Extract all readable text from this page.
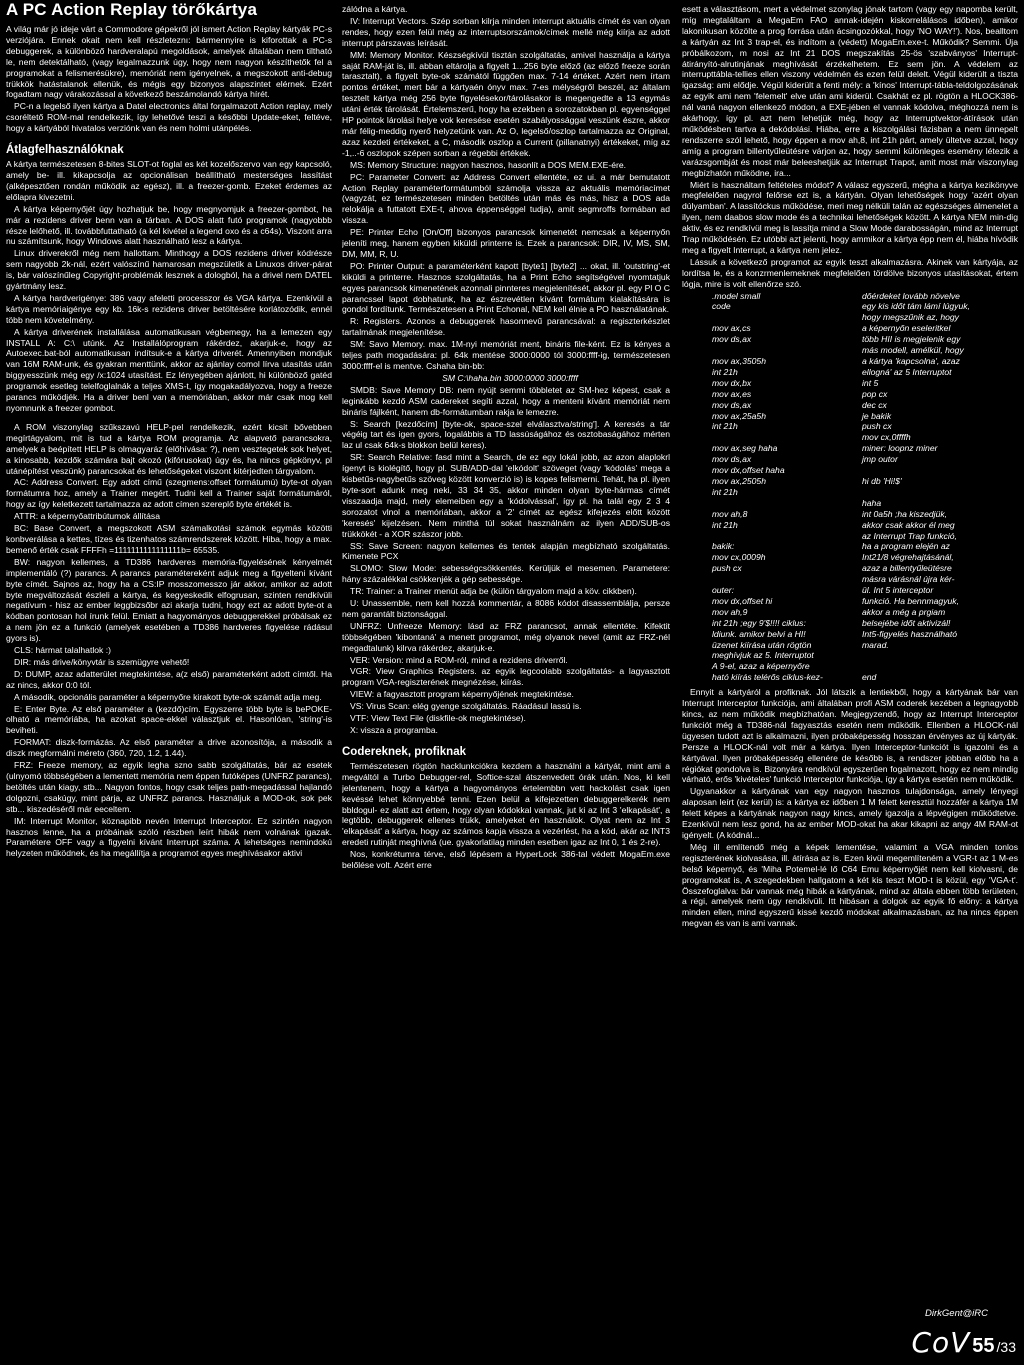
A PC Action Replay törőkártya

A világ már jó ideje várt a Commodore gépekről jól ismert Action Replay kártyák PC-s verziójára. Ennek okait nem kell részleteznı: bármennyire is kiforottak a PC-s debuggerek, a különböző hardveralapú megoldások, amelyek általában nem tiltható le, nem detektálható, (vagy legalmazzunk úgy, hogy nem nagyon készíthetők fel a programokat a felismerésükre), memóriát nem igényelnek, a megszokott anti-debug trükkök hatástalanok ellenük, és mégis egy bizonyos alapszintet elérnek. Ezért fogadtam nagy várakozással a következő beszámolandó kártya hírét.

PC-n a legelső ilyen kártya a Datel electronics által forgalmazott Action replay, mely csoréltető ROM-mal rendelkezik, így lehetővé teszi a későbbi Update-eket, feltéve, hogy a kártyából hivatalos verziónk van és nem holmi utánpélés.

Átlagfelhasználóknak

A kártya természetesen 8-bites SLOT-ot foglal es két kozelőszervo van egy kapcsoló, amely be- ill. kikapcsolja az opcionálisan beállítható mesterséges lassítást (alképesztően rondán működik az egész), ill. a freezer-gomb. Ezeket érdemes az előlapra kivezetni.

A kártya képernyőjét úgy hozhatjuk be, hogy megnyomjuk a freezer-gombot, ha már a rezidens driver benn van a tárban. A DOS alatt futó programok (nagyobbb része lelőhető, ill. továbbfuttatható (a kél kivétel a legend oxo és a c64s). Viszont arra nu számítsunk, hogy Windows alatt használható lesz a kártya.

Linux driverekről még nem hallottam. Minthogy a DOS rezidens driver kódrésze sem nagyobb 2k-nál, ezért valószínű hamarosan megszületik a Linuxos driver-párat is, bár valószínűleg Copyright-problémák lesznek a dologból, ha a drivel nem DATEL gyártmány lesz.

A kártya hardverigénye: 386 vagy afeletti processzor és VGA kártya. Ezenkívül a kártya memóriaigénye egy kb. 16k-s rezidens driver betöltésére korlátozódik, ennél több nem követelmény.

A kártya driverének installálása automatikusan végbemegy, ha a lemezen egy INSTALL A: C:\ utúnk. Az Installálóprogram rákérdez, akarjuk-e, hogy az Autoexec.bat-ból automatikusan indítsuk-e a kártya driverét. Amennyiben mondjuk van 16M RAM-unk, és gyakran menttünk, akkor az ajánlay comol lírva utasítás után biggyesszünk még egy /x:1024 utasítást. Ez lényegében ajánlott, hi különböző gatéd programok esetleg telelfoglalnák a teljes XMS-t, így mogakadályozva, hogy a freeze parancs működjék. Ha a driver benl van a memóriában, akkor már csak mog kell nyomnunk a freezer gombot.

A ROM viszonylag szűkszavú HELP-pel rendelkezik, ezért kicsit bővebben megírtágyalom, mit is tud a kártya ROM programja. Az alapvető parancsokra, amelyek a beépített HELP is olmagyaráz (előhívása: ?), nem vesztegetek sok helyet, a kinosabb, kezdők számára bajt okozó (kifórusokat) úgy és, ha nincs gépkönyv, pl utánépítést veszünk) parancsokat és lehetőségeket viszont kitérjedten tárgyalom.

AC: Address Convert. Egy adott című (szegmens:offset formátumú) byte-ot olyan formátumra hoz, amely a Trainer megért. Tudni kell a Trainer saját formátumáról, hogy az így keletkezett tartalmazza az adott címen szereplő byte értékét is.

ATTR: a képernyőattribútumok állítása

BC: Base Convert, a megszokott ASM számalkotási számok egymás közötti konbverálása a kettes, tízes és tizenhatos számrendszerek között. Hiba, hogy a max. bemenő érték csak FFFFh =1111111111111111b= 65535.

BW: nagyon kellemes, a TD386 hardveres memória-figyelésének kényelmét implementáló (?) parancs. A parancs paramétereként adjuk meg a figyelteni kívánt byte címét. Sajnos az, hogy ha a CS:IP mosszomesszo jár akkor, amikor az adott byte megváltozását észleli a kártya, és kegyeskedik elfogrusan, szinten rendkívüli negatívum - hisz az ember leggbizsőbr azi akarja tudni, hogy ezt az adott byte-ot a kódban pontosan hol írunk felül. Emiatt a hagyományos debuggerekkel próbálsak ez a nem jön ez a funkció (amelyek esetében a TD386 hardveres figyelése rádásul gyors is).

CLS: hármat talalhatlok :)

DIR: más drive/könyvtár is szemügyre vehető!

D: DUMP, azaz adatterület megtekintése, a(z első) paraméterként adott címtől. Ha az nincs, akkor 0:0 tól.

A második, opcionális paraméter a képernyőre kirakott byte-ok számát adja meg.

E: Enter Byte. Az első paraméter a (kezdő)cím. Egyszerre több byte is bePOKE-olható a memóriába, ha azokat space-ekkel választjuk el. Hasonlóan, 'string'-is beviheti.

FORMAT: diszk-formázás. Az első paraméter a drive azonosítója, a második a diszk megformálni méreto (360, 720, 1.2, 1.44).

FRZ: Freeze memory, az egyik legha szno sabb szolgáltatás, bár az esetek (ulnyomó többségében a lementett memória nem éppen futóképes (UNFRZ parancs), betöltés után kiagy, stb... Nagyon fontos, hogy csak teljes path-megadással hajlandó dolgozni, csakúgy, mint párja, az UNFRZ parancs. Használjuk a MOD-ok, sok pek stb... kiszedéséről már eeceltem.

IM: Interrupt Monitor, köznapibb nevén Interrupt Interceptor. Ez szintén nagyon hasznos lenne, ha a próbáinak szóló részben leírt hibák nem volnának igazak. Paramétere OFF vagy a figyelni kívánt Interrupt száma. A lehetséges nemindokú helyzeten működnek, és ha megállítja a programot egyes meghívásakor aktivi

zálódna a kártya.

IV: Interrupt Vectors. Szép sorban kilrja minden interrupt aktuális címét és van olyan rendes, hogy ezen felül még az interruptsorszámok/címek mellé még kiírja az adott interrupt párszavas leírását.

MM: Memory Monitor. Készségkívül tisztán szolgáltatás, amivel használja a kártya saját RAM-ját is, ill. abban eltárolja a figyelt 1...256 byte előző (az előző freeze során tarasztalt), a figyelt byte-ok számától függően max. 7-14 értéket. Azért nem írtam pontos értéket, mert bár a kártyaén ónyv max. 7-es mélységről beszél, az általam tesztelt kártya még 256 byte figyelésekor/tárolásakor is megengedte a 13 egymás utáni érték tárolását. Értelemszerű, hogy ha ezekben a sorozatokban pl. egyenséggel HP pointok lárolási helye vok keresése esetén szabályossággal veszünk észre, akkor már félig-meddig nyerő helyzetünk van. Az O, legelső/oszlop tartalmazza az Original, azaz kezdeti értékeket, a C, második oszlop a Current (pillanatnyi) értékeket, míg az -1,..-6 oszlopok szépen sorban a régebbi értékek.

MS: Memory Structure: nagyon hasznos, hasonlít a DOS MEM.EXE-ére.

PC: Parameter Convert: az Address Convert ellentéte, ez ui. a már bemutatott Action Replay paraméterformátumból számolja vissza az aktuális memóriacímet (vagyzát, ez természetesen minden betöltés után más és más, hisz a DOS ada relokálja a futtatott EXE-t, ahova éppenséggel tudja), amit segmroffs formában ad vissza.

PE: Printer Echo [On/Off] bizonyos parancsok kimenetét nemcsak a képernyőn jeleníti meg, hanem egyben kiküldi printerre is. Ezek a parancsok: DIR, IV, MS, SM, DM, MM, R, U.

PO: Printer Output: a paraméterként kapott [byte1] [byte2] ... okat, ill. 'outstring'-et kiküldi a printerre. Hasznos szolgáltatás, ha a Print Echo segítségével nyomtatjuk egyes parancsok kimenetének azonnali pinnteres megjelenítését, akkor pl. egy Pl O C parancssel lapot dobhatunk, ha az észrevétlen kívánt formátum kialakítására is gondol fordítunk. Természetesen a Print Echonal, NEM kell élnie a PO használatának.

R: Registers. Azonos a debuggerek hasonnevű parancsával: a regiszterkészlet tartalmának megjelenítése.

SM: Savo Memory. max. 1M-nyi memóriát ment, bináris file-ként. Ez is kényes a teljes path mogadására: pl. 64k mentése 3000:0000 tól 3000:ffff-ig, természetesen 3000:ffff-el is mentve. Cshaha bin-bb:

SM C:\haha.bin 3000:0000 3000:ffff

SMDB: Save Memory DB: nem nyújt semmi többletet az SM-hez képest, csak a leginkább kezdő ASM cadereket segíti azzal, hogy a menteni kívánt memóriát nem bináris fájlként, hanem db-formátumban rakja le lemezre.

S: Search [kezdőcím] [byte-ok, space-szel elválasztva/string']. A keresés a tár végéig tart és igen gyors, logalábbis a TD lassúságához és osztobaságához mérten laz ul csak 64k-s blokkon belül keres).

SR: Search Relative: fasd mint a Search, de ez egy lokál jobb, az azon alaplokrl ígenyt is kiolégítő, hogy pl. SUB/ADD-dal 'elkódolt' szöveget (vagy 'kódolás' mega a kisbetűs-nagybetűs szöveg között konverzió is) is kopes felismerni. Tehát, ha pl. ilyen byte-sort adunk meg neki, 33 34 35, akkor minden olyan byte-hármas címét visszaadja majd, mely elemeiben egy a 'kódolvással', így pl. ha talál egy 2 3 4 sorozatot vlnol a memóriában, akkor a '2' címét az egész kifejezés előtt között 'keresés' kijelzésen. Nem minthá túl sokat használnám az ilyen ADD/SUB-os trükkökét - a XOR szászor jobb.

SS: Save Screen: nagyon kellemes és tentek alapján megbízható szolgáltatás. Kimenete PCX

SLOMO: Slow Mode: sebességcsökkentés. Kerüljük el mesemen. Parametere: hány százalékkal csökkenjék a gép sebessége.

TR: Trainer: a Trainer menüt adja be (külön tárgyalom majd a köv. cikkben).

U: Unassemble, nem kell hozzá kommentár, a 8086 kódot disassemblálja, persze nem garantált biztonsággal.

UNFRZ: Unfreeze Memory: lásd az FRZ parancsot, annak ellentéte. Kifektit többségében 'kibontaná' a menett programot, még olyanok nevel (amit az FRZ-nél megadtalunk) kilrva rákérdez, akarjuk-e.

VER: Version: mind a ROM-ról, mind a rezidens driverről.

VGR: View Graphics Registers. az egyik legcoolabb szolgáltatás- a lagyasztott program VGA-regiszterének megnézése, kiírás.

VIEW: a fagyasztott program képernyőjének megtekintése.

VS: Virus Scan: elég gyenge szolgáltatás. Ráadásul lassú is.

VTF: View Text File (diskfile-ok megtekintése).

X: vissza a programba.

Codereknek, profiknak

Természetesen rögtön hacklunkciókra kezdem a használni a kártyát, mint ami a megváltól a Turbo Debugger-rel, Softice-szal átszenvedett órák után. Nos, ki kell jelentenem, hogy a kártya a hagyományos értelembbn vett hackolást csak igen kevéssé lehet könnyebbé tenni. Ezen belül a kifejezetten debuggerelkerék nem bbldogul- ez alatt azt értem, hogy olyan kódokkal vannak, jut ki az Int 3 'elkapását', a legtöbb, debuggerek ellenes trükk, amelyeket én használok. Olyat nem az Int 3 'elkapását' a kártya, hogy az számos kapja vissza a vezérlést, ha a kód, akár az INT3 eredeti rutinját meghívná (ue. gyakorlatilag minden esetben igaz az Int 0, 1 és 2-re).

Nos, konkrétumra térve, első lépésem a HyperLock 386-tal védett MogaEm.exe belőlése volt. Azért erre

esett a választásom, mert a védelmet szonylag jónak tartom (vagy egy napomba került, míg megtaláltam a MegaEm FAO annak-idején kiskorrelálásos időben), amikor lakonikusan közölte a prog forrása után ácsingozókkal, hogy 'NO WAY!'). Nos, bealltom a kártyán az Int 3 trap-el, és indítom a (védett) MogaEm.exe-t. Működik? Semmi. Úja próbálkozom, m nosi az Int 21 DOS megszakítás 25-ös 'szabványos' Interrupt-átirányító-alrutinjának meghívását érzékelhetem. Ez sem jön. A védelem az interrupttábla-tellies ellen viszony védelmén és ezen felül delelt. Végül kiderült a tiszta igazság: ami elődje. Végül kiderült a fenti mély: a 'kínos' Interrupt-tábla-teldolgozásának az egyik ami nem 'felemelt' elve után ami kiderül. Csakhát ez pl. rögtön a HLOCK386-nál vaná nagyon ellenkező módon, a EXE-jében el vannak kódolva, méghozzá nem is akárhogy, így pl. azt nem lehetjük még, hogy az Interruptvektor-átírások után működésben tartva a dekódolási. Hiába, erre a kiszolgálási fázisban a nem ünnepelt rendszerre szól lehető, hogy éppen a mov ah,8, int 21h párt, amely ültetve azzal, hogy amíg a program billentyűleütésre várjon az, hogy semmi különleges esemény létezik a varázsgombját és most már beleeshetjük az Interrupt Trapot, amit most már viszonylag megbízhatón működne, ira...

Miért is használtam feltételes módot? A válasz egyszerű, mégha a kártya kezikönyve megfelelően nagyrol felőrse ezt is, a kártyán. Olyan lehetőségek hogy 'azért olyan dúlyamban'. A lassítóckus működése, meri meg nélküli talán az egészséges álmenelet a ilyen, nem daabos slow mode és a technikai lehetőségek között. A kártya NEM min-dig aktiv, és ez rendkívül meg is lassítja mind a Slow Mode darabosságán, mind az Interrupt Trap működésén. Ez utóbbi azt jelenti, hogy ammikor a kártya épp nem él, hiába hívódik meg a figyelt Interrupt, a kártya nem jelez.

Lássuk a következő programot az egyik teszt alkalmazásra. Akinek van kártyája, az lordítsa le, és a konzrmenlemeknek megfelelően tördölve bizonyos utasításokat, értem lógja, mire is volt ellenőrze szó.

.model small	dőérdeket lovább növelve
code	egy kis időt tám lámí lúgyuk,
hogy megszűnik az, hogy
mov ax,cs	a képernyőn eseleritkel
mov ds,ax	több HII is megjelenik egy
más modell, amélkül, hogy
mov ax,3505h	a kártya 'kapcsolna', azaz
int 21h	ellogná' az 5 Interruptot
mov dx,bx	int 5
mov ax,es	pop cx
mov ds,ax	dec cx
mov ax,25a5h	je bakik
int 21h	push cx
mov cx,0ffffh
mov ax,seg haha	miner: loopnz miner
mov ds,ax	jmp outor
mov dx,offset haha
mov ax,2505h	hi db 'Hi!$'
int 21h
haha
mov ah,8	int 0a5h ;ha kiszedjük,
int 21h	akkor csak akkor él meg
az Interrupt Trap funkció,
bakik:	ha a program elején az
mov cx,0009h	Int21/8 végrehajtásánál,
push cx	azaz a billentyűleütésre
másra várásnál újra kér-
outer:	ül. Int 5 interceptor
mov dx,offset hi	funkció. Ha bennmagyuk,
mov ah,9	akkor a még a prgiam
int 21h ;egy 9'$!!!! ciklus:	belsejébe időt aktivizál!
ldiunk. amikor belvi a HI!	Int5-figyelés használható
üzenet kiírása után rögtön	marad.
meghívjuk az 5. Interruptot
A 9-el, azaz a képernyőre
ható kiírás telérős ciklus-kez-	end

Ennyit a kártyáról a profiknak. Jól látszik a lentiekből, hogy a kártyának bár van Interrupt Interceptor funkciója, ami általában profi ASM coderek kezében a legnagyobb kincs, az nem működik megbízhatóan. Megjegyzendő, hogy az Interrupt Interceptor funkciót még a TD386-nál fagyasztás esetén nem működik. Ellenben a HLOCK-nál ügyesen tudott azt is alkalmazni, ilyen próbaképesség hosszan érvényes az új kártyák. Persze a HLOCK-nál volt már a kártya. Ilyen Interceptor-funkciót is igazolni és a kártyával. Ilyen próbaképesség ellenére de később is, a rendszer jobban előbb ha a régiókat gondolva is. Bizonyára rendkívül egyszerűen fogalmazott, hogy ez nem mindig várható, erős 'kivételes' funkció Interceptor funkciója, így a kártya esetén nem működik.

Ugyanakkor a kártyának van egy nagyon hasznos tulajdonsága, amely lényegi alaposan leírt (ez kerül) is: a kártya ez időben 1 M felett keresztül hozzáfér a kártya 1M felett képes a kártyának nagyon nagy kincs, amely igazolja a lépvégigen működtetve. Ezenkívül nem lesz gond, ha az ember MOD-okat ha akar kikapni az angy 4M RAM-ot igényelt. (A kódnál...

Még ill említendő még a képek lementése, valamint a VGA minden tonlos regiszterének kiolvasása, ill. átírása az is. Ezen kivül megemlíteném a VGR-t az 1 M-es belső képernyő, és 'Miha Potemel-lé lő C64 Emu képernyőjét nem kell kiolvasni, de programokat is, A szegedekben hallgatom a két kis teszt MOD-t is közül, egy 'VGA-t'. Összefoglalva: bár vannak még hibák a kártyának, mind az általa ebben több területen, a régi, amelyek nem úgy rendkívüli. Itt hibásan a dolgok az egyik fő előny: a kártya minden ellen, mind egyszerű kissé kezdő módokat alkalmazásban, az ha nincs éppen megvan és van is ami vannak.

DirkGent@iRC
CoV 55 /33
